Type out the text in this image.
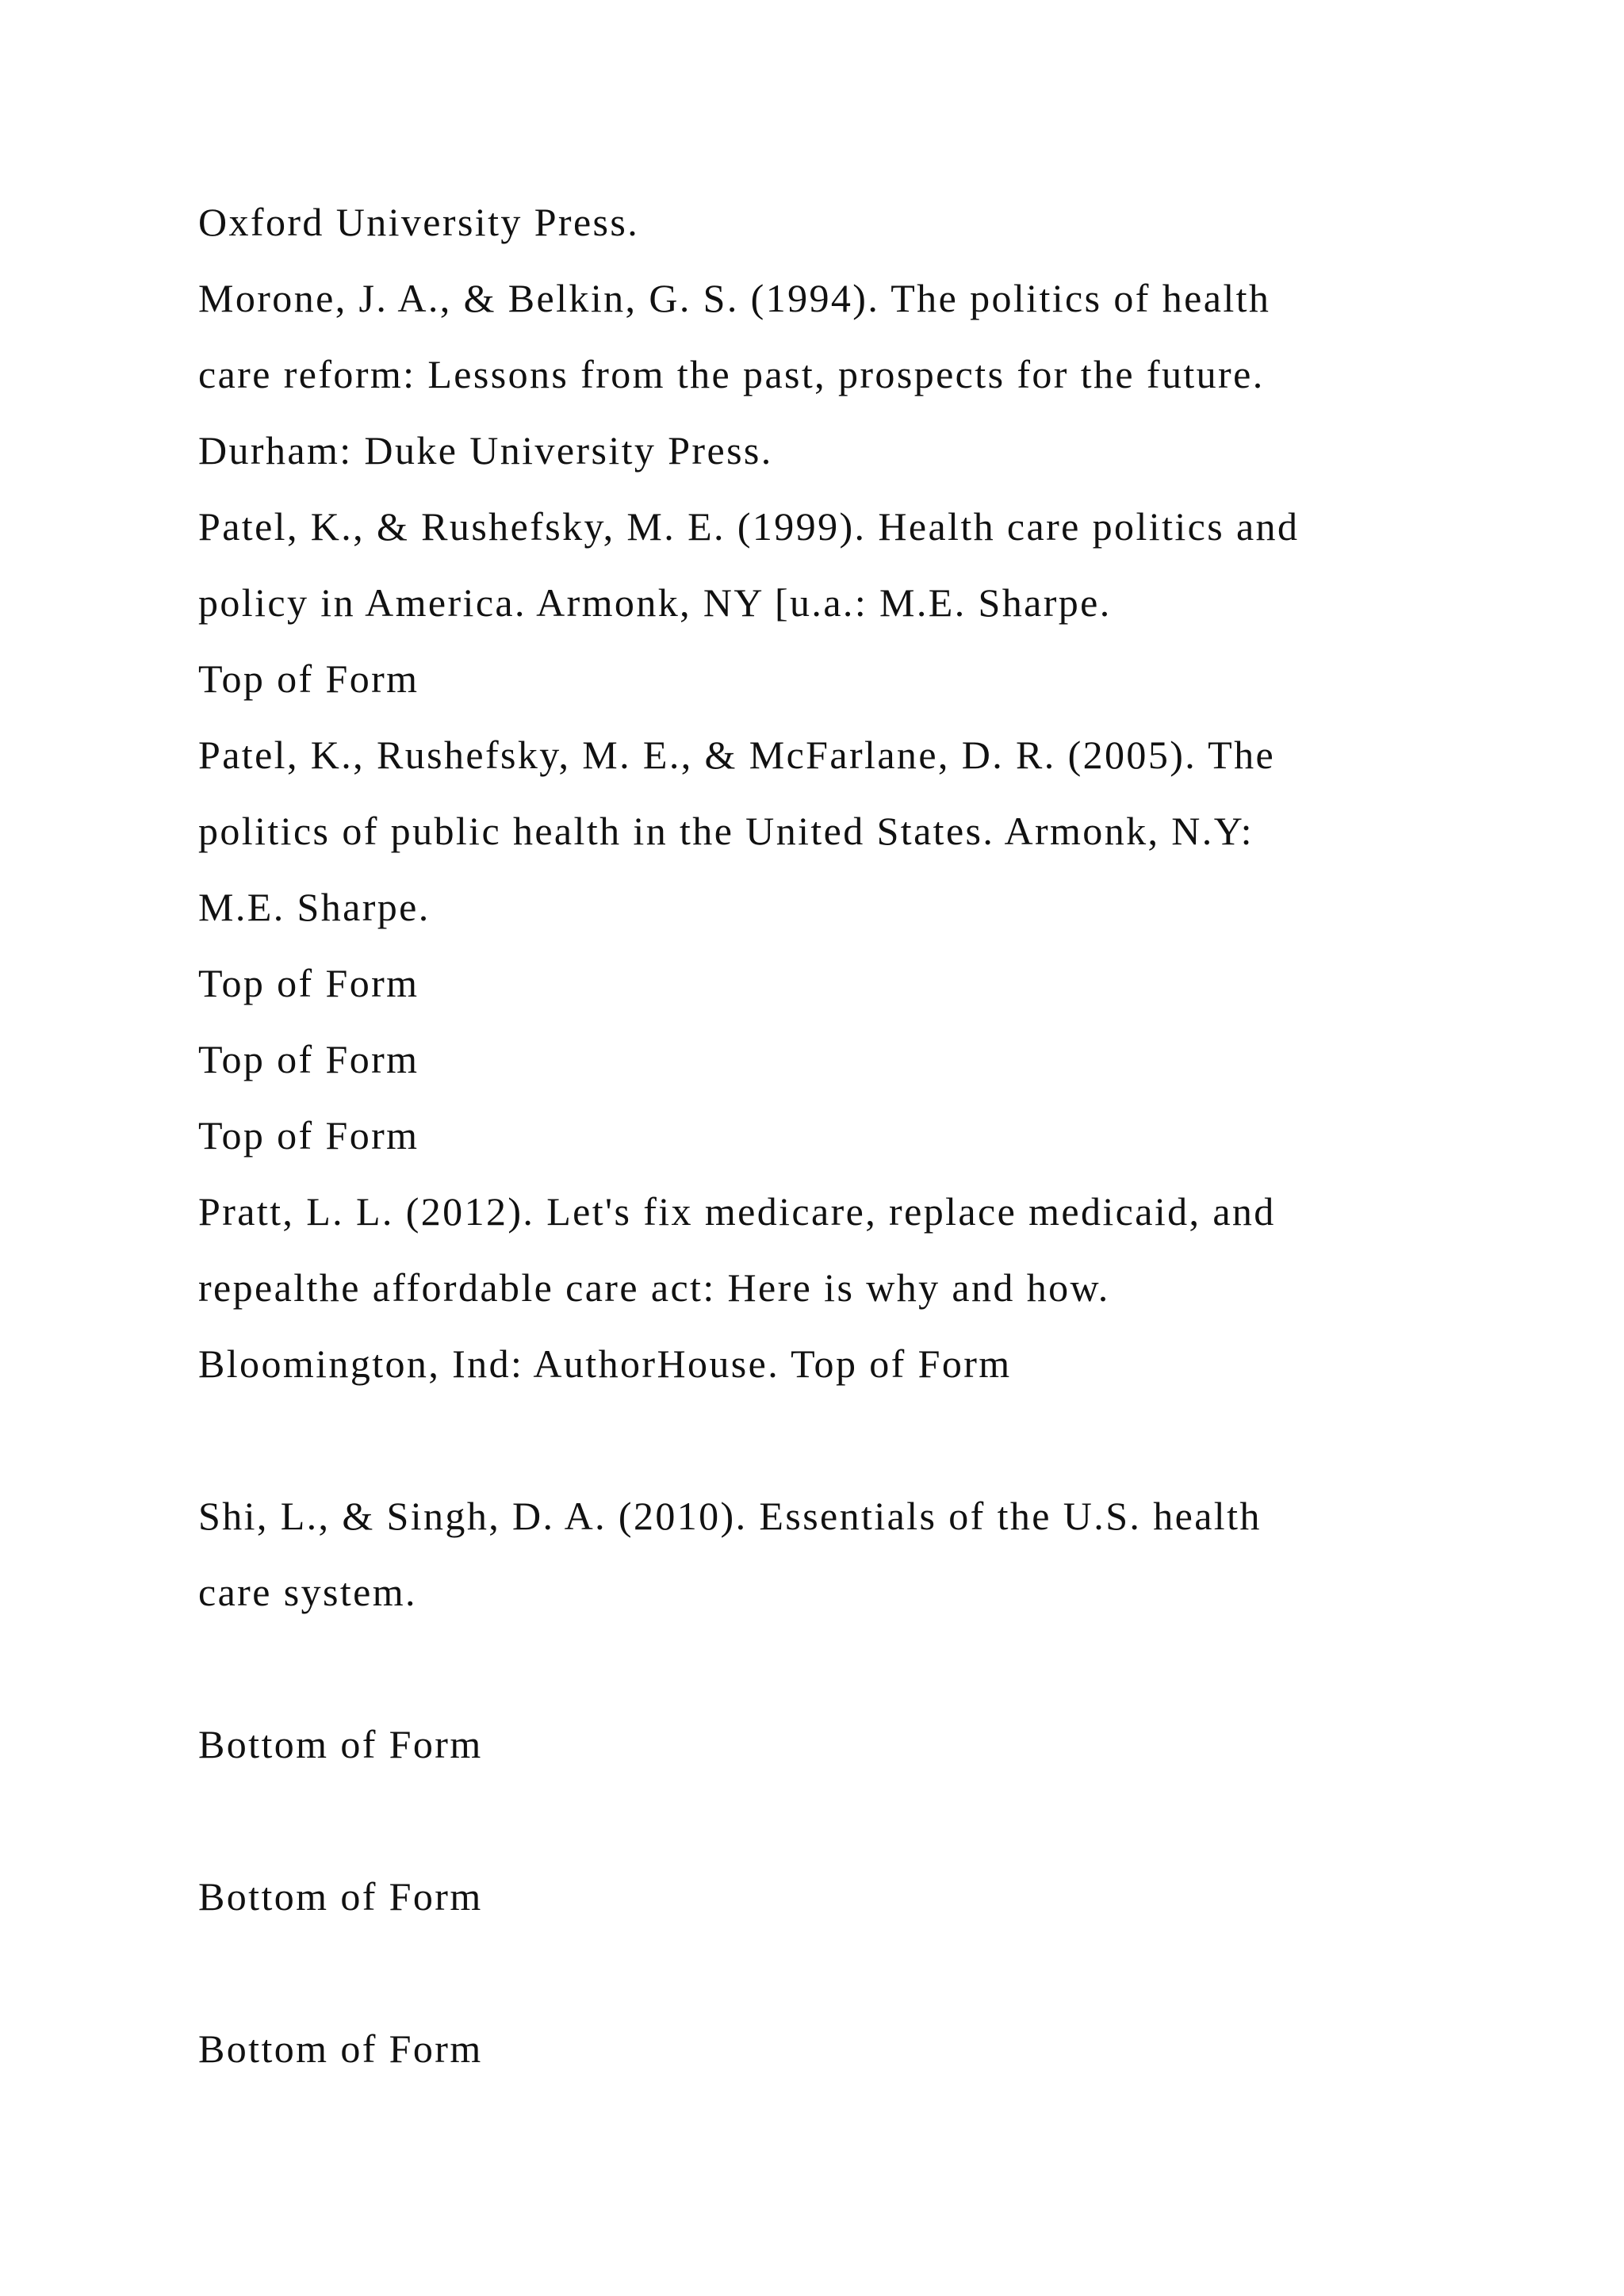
Oxford University Press.
Morone, J. A., & Belkin, G. S. (1994). The politics of health
care reform: Lessons from the past, prospects for the future.
Durham: Duke University Press.
Patel, K., & Rushefsky, M. E. (1999). Health care politics and
policy in America. Armonk, NY [u.a.: M.E. Sharpe.
Top of Form
Patel, K., Rushefsky, M. E., & McFarlane, D. R. (2005). The
politics of public health in the United States. Armonk, N.Y:
M.E. Sharpe.
Top of Form
Top of Form
Top of Form
Pratt, L. L. (2012). Let's fix medicare, replace medicaid, and
repealthe affordable care act: Here is why and how.
Bloomington, Ind: AuthorHouse. Top of Form
Shi, L., & Singh, D. A. (2010). Essentials of the U.S. health
care system.
Bottom of Form
Bottom of Form
Bottom of Form
